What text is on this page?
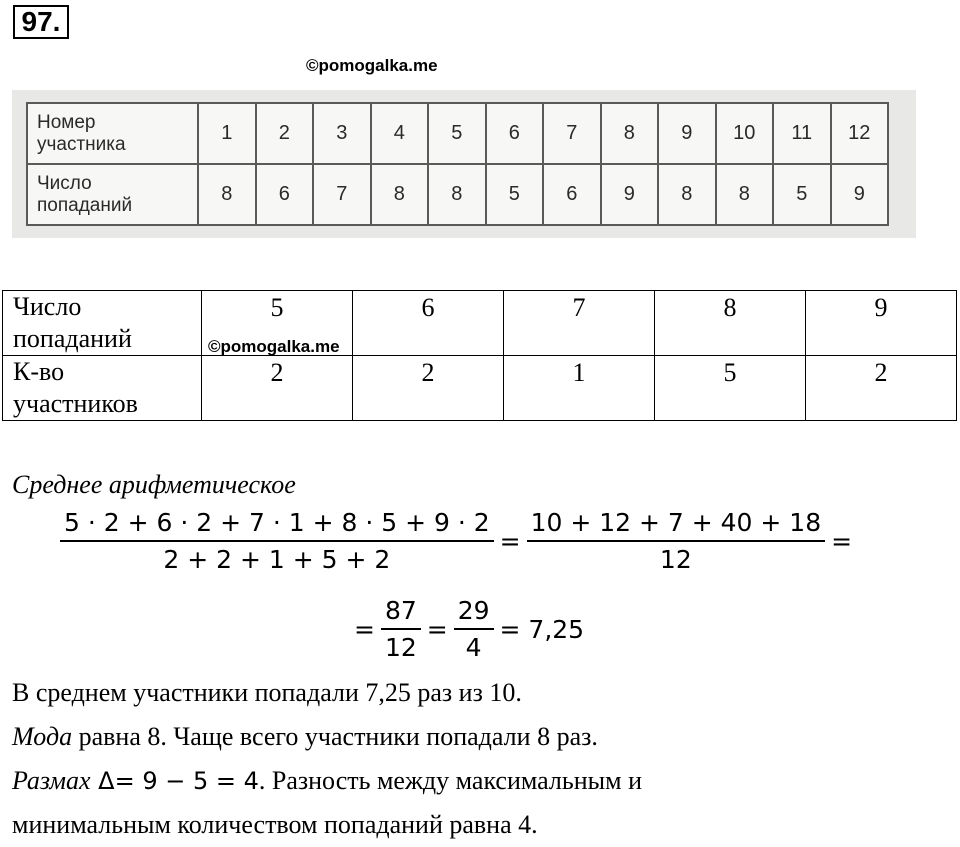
97.
©pomogalka.me
Номер
участника	1	2	3	4	5	6	7	8	9	10	11	12
Число
попаданий	8	6	7	8	8	5	6	9	8	8	5	9
Число
попаданий	5	6	7	8	9
К-во
участников	2	2	1	5	2
©pomogalka.me
Среднее арифметическое
$\frac{5 \cdot 2 + 6 \cdot 2 + 7 \cdot 1 + 8 \cdot 5 + 9 \cdot 2}{2 + 2 + 1 + 5 + 2} = \frac{10 + 12 + 7 + 40 + 18}{12}$ =
= $\frac{87}{12} = \frac{29}{4} = 7,25$
В среднем участники попадали 7,25 раз из 10.
Мода равна 8. Чаще всего участники попадали 8 раз.
Размах Δ= 9 − 5 = 4. Разность между максимальным и
минимальным количеством попаданий равна 4.
